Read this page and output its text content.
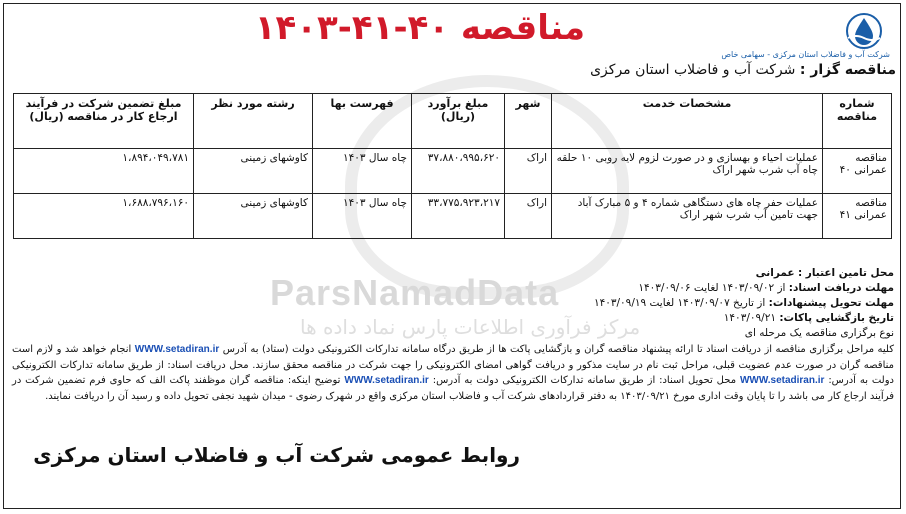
ParsNamadData
مرکز فرآوری اطلاعات پارس نماد داده ها
شرکت آب و فاضلاب استان مرکزی - سهامی خاص
مناقصه ۴۰-۴۱-۱۴۰۳
مناقصه گزار : شرکت آب و فاضلاب استان مرکزی
شماره مناقصه	مشخصات خدمت	شهر	مبلغ برآورد (ریال)	فهرست بها	رشته مورد نظر	مبلغ تضمین شرکت در فرآیند ارجاع کار در مناقصه (ریال)
مناقصه عمرانی ۴۰	عملیات احیاء و بهسازی و در صورت لزوم لایه روبی ۱۰ حلقه چاه آب شرب شهر اراک	اراک	۳۷،۸۸۰،۹۹۵،۶۲۰	چاه سال ۱۴۰۳	کاوشهای زمینی	۱،۸۹۴،۰۴۹،۷۸۱
مناقصه عمرانی ۴۱	عملیات حفر چاه های دستگاهی شماره ۴ و ۵ مبارک آباد جهت تامین آب شرب شهر اراک	اراک	۳۳،۷۷۵،۹۲۳،۲۱۷	چاه سال ۱۴۰۳	کاوشهای زمینی	۱،۶۸۸،۷۹۶،۱۶۰
محل تامین اعتبار : عمرانی
مهلت دریافت اسناد: از ۱۴۰۳/۰۹/۰۲ لغایت ۱۴۰۳/۰۹/۰۶
مهلت تحویل پیشنهادات: از تاریخ ۱۴۰۳/۰۹/۰۷ لغایت ۱۴۰۳/۰۹/۱۹
تاریخ بازگشایی پاکات: ۱۴۰۳/۰۹/۲۱
نوع برگزاری مناقصه یک مرحله ای
کلیه مراحل برگزاری مناقصه از دریافت اسناد تا ارائه پیشنهاد مناقصه گران و بازگشایی پاکت ها از طریق درگاه سامانه تدارکات الکترونیکی دولت (ستاد) به آدرس WWW.setadiran.ir انجام خواهد شد و لازم است مناقصه گران در صورت عدم عضویت قبلی، مراحل ثبت نام در سایت مذکور و دریافت گواهی امضای الکترونیکی را جهت شرکت در مناقصه محقق سازند. محل دریافت اسناد: از طریق سامانه تدارکات الکترونیکی دولت به آدرس: WWW.setadiran.ir محل تحویل اسناد: از طریق سامانه تدارکات الکترونیکی دولت به آدرس: WWW.setadiran.ir توضیح اینکه: مناقصه گران موظفند پاکت الف که حاوی فرم تضمین شرکت در فرآیند ارجاع کار می باشد را تا پایان وقت اداری مورخ ۱۴۰۳/۰۹/۲۱ به دفتر قراردادهای شرکت آب و فاضلاب استان مرکزی واقع در شهرک رضوی - میدان شهید نجفی تحویل داده و رسید آن را دریافت نمایند.
روابط عمومی شرکت آب و فاضلاب استان مرکزی
